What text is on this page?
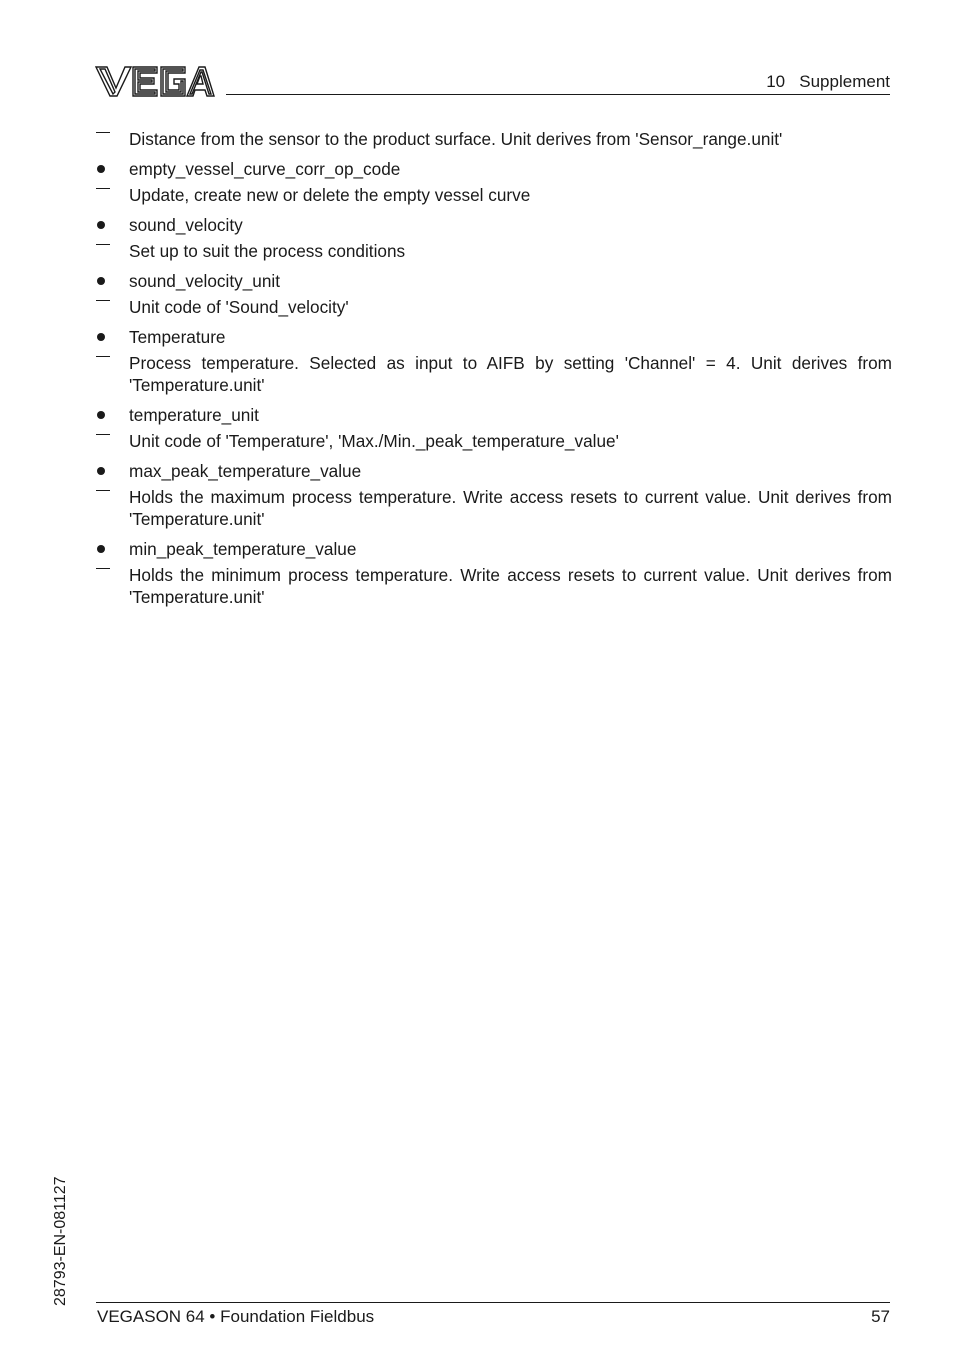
10   Supplement
Distance from the sensor to the product surface. Unit derives from 'Sensor_range.unit'
empty_vessel_curve_corr_op_code
Update, create new or delete the empty vessel curve
sound_velocity
Set up to suit the process conditions
sound_velocity_unit
Unit code of 'Sound_velocity'
Temperature
Process temperature. Selected as input to AIFB by setting 'Channel' = 4. Unit derives from 'Temperature.unit'
temperature_unit
Unit code of 'Temperature', 'Max./Min._peak_temperature_value'
max_peak_temperature_value
Holds the maximum process temperature. Write access resets to current value. Unit derives from 'Temperature.unit'
min_peak_temperature_value
Holds the minimum process temperature. Write access resets to current value. Unit derives from 'Temperature.unit'
28793-EN-081127
VEGASON 64 • Foundation Fieldbus	57
